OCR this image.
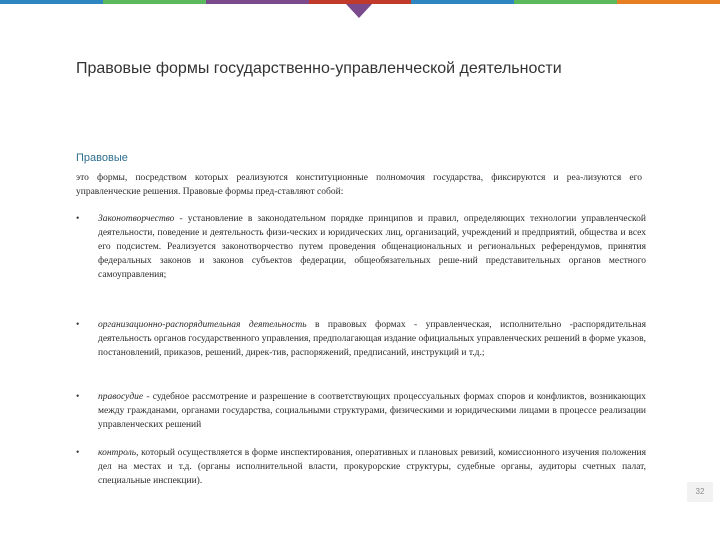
Правовые формы государственно-управленческой деятельности
Правовые
это формы, посредством которых реализуются конституционные полномочия государства, фиксируются и реа-лизуются его управленческие решения. Правовые формы пред-ставляют собой:
• Законотворчество - установление в законодательном порядке принципов и правил, определяющих технологии управленческой деятельности, поведение и деятельность физи-ческих и юридических лиц, организаций, учреждений и предприятий, общества и всех его подсистем. Реализуется законотворчество путем проведения общенациональных и региональных референдумов, принятия федеральных законов и законов субъектов федерации, общеобязательных реше-ний представительных органов местного самоуправления;
• организационно-распорядительная деятельность в правовых формах - управленческая, исполнительно -распорядительная деятельность органов государственного управления, предполагающая издание официальных управленческих решений в форме указов, постановлений, приказов, решений, дирек-тив, распоряжений, предписаний, инструкций и т.д.;
• правосудие - судебное рассмотрение и разрешение в соответствующих процессуальных формах споров и конфликтов, возникающих между гражданами, органами государства, социальными структурами, физическими и юридическими лицами в процессе реализации управленческих решений
• контроль, который осуществляется в форме инспектирования, оперативных и плановых ревизий, комиссионного изучения положения дел на местах и т.д. (органы исполнительной власти, прокурорские структуры, судебные органы, аудиторы счетных палат, специальные инспекции).
32
